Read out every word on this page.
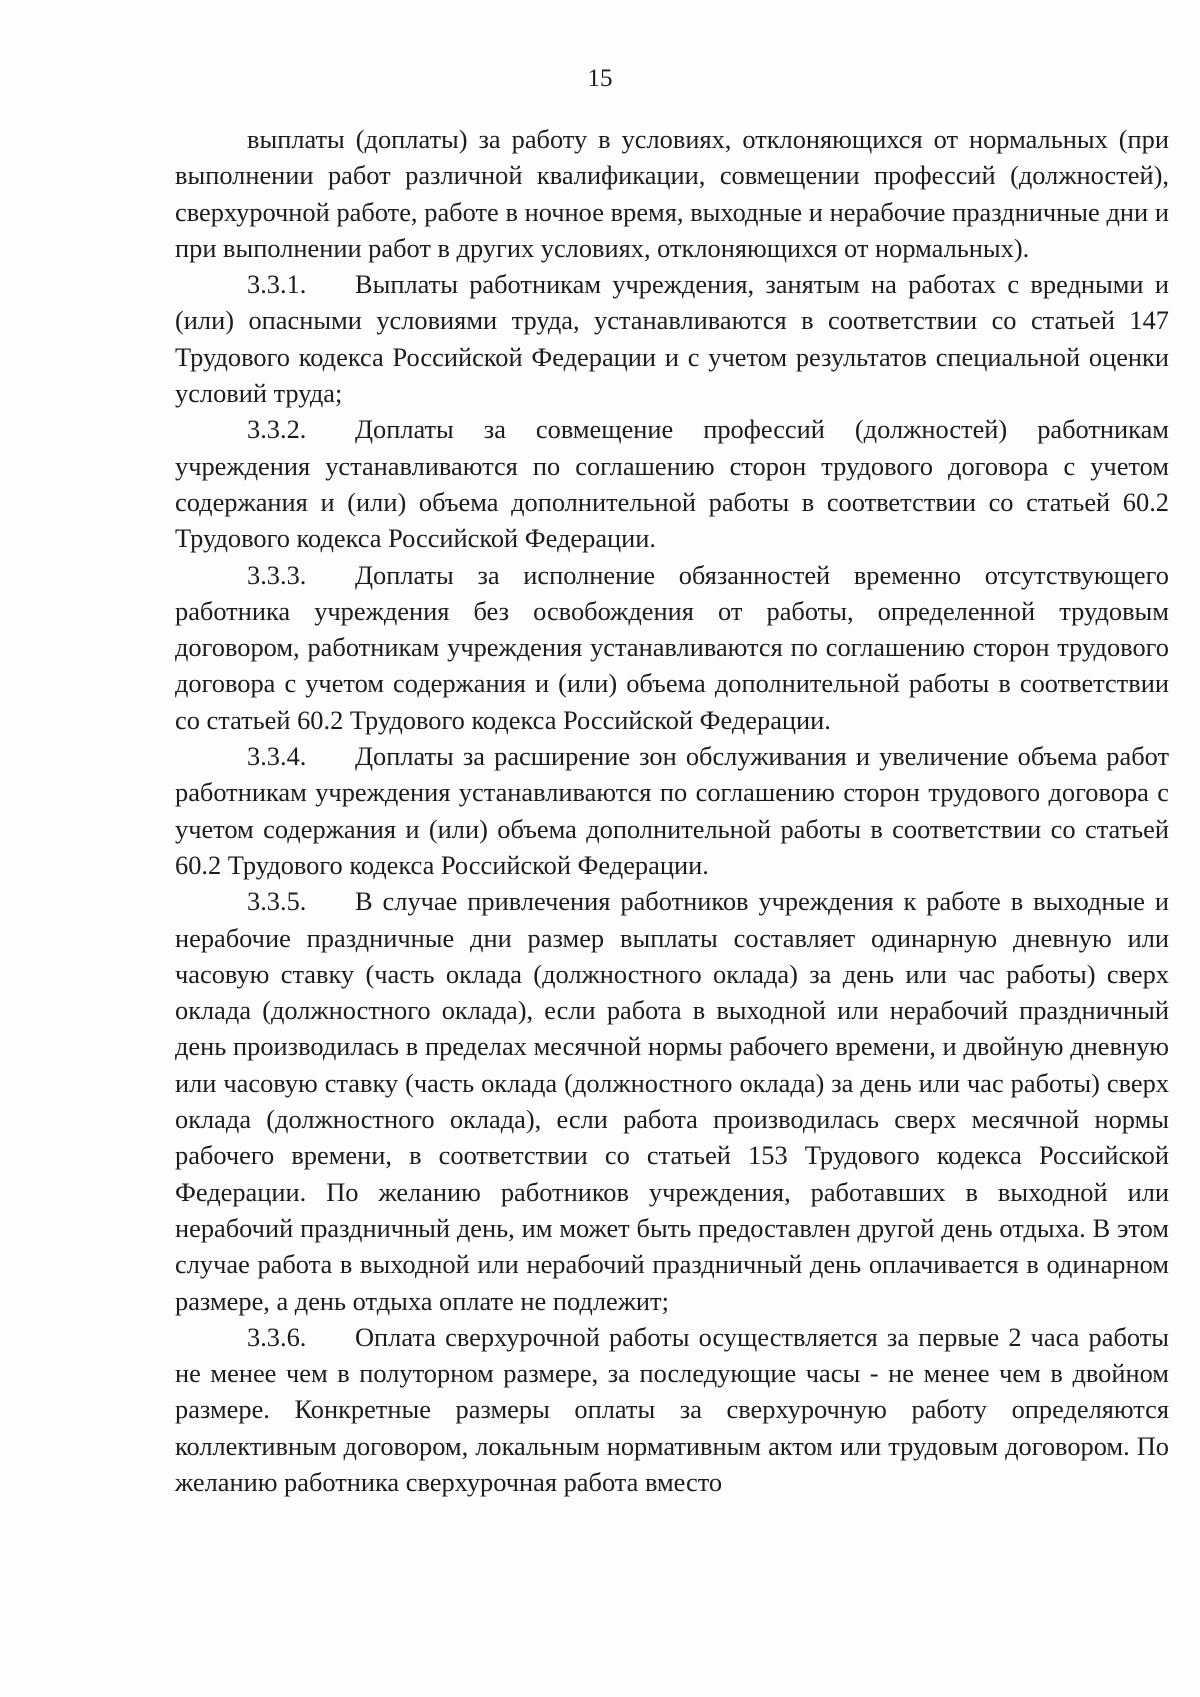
15

выплаты (доплаты) за работу в условиях, отклоняющихся от нормальных (при выполнении работ различной квалификации, совмещении профессий (должностей), сверхурочной работе, работе в ночное время, выходные и нерабочие праздничные дни и при выполнении работ в других условиях, отклоняющихся от нормальных).

3.3.1. Выплаты работникам учреждения, занятым на работах с вредными и (или) опасными условиями труда, устанавливаются в соответствии со статьей 147 Трудового кодекса Российской Федерации и с учетом результатов специальной оценки условий труда;

3.3.2. Доплаты за совмещение профессий (должностей) работникам учреждения устанавливаются по соглашению сторон трудового договора с учетом содержания и (или) объема дополнительной работы в соответствии со статьей 60.2 Трудового кодекса Российской Федерации.

3.3.3. Доплаты за исполнение обязанностей временно отсутствующего работника учреждения без освобождения от работы, определенной трудовым договором, работникам учреждения устанавливаются по соглашению сторон трудового договора с учетом содержания и (или) объема дополнительной работы в соответствии со статьей 60.2 Трудового кодекса Российской Федерации.

3.3.4. Доплаты за расширение зон обслуживания и увеличение объема работ работникам учреждения устанавливаются по соглашению сторон трудового договора с учетом содержания и (или) объема дополнительной работы в соответствии со статьей 60.2 Трудового кодекса Российской Федерации.

3.3.5. В случае привлечения работников учреждения к работе в выходные и нерабочие праздничные дни размер выплаты составляет одинарную дневную или часовую ставку (часть оклада (должностного оклада) за день или час работы) сверх оклада (должностного оклада), если работа в выходной или нерабочий праздничный день производилась в пределах месячной нормы рабочего времени, и двойную дневную или часовую ставку (часть оклада (должностного оклада) за день или час работы) сверх оклада (должностного оклада), если работа производилась сверх месячной нормы рабочего времени, в соответствии со статьей 153 Трудового кодекса Российской Федерации. По желанию работников учреждения, работавших в выходной или нерабочий праздничный день, им может быть предоставлен другой день отдыха. В этом случае работа в выходной или нерабочий праздничный день оплачивается в одинарном размере, а день отдыха оплате не подлежит;

3.3.6. Оплата сверхурочной работы осуществляется за первые 2 часа работы не менее чем в полуторном размере, за последующие часы - не менее чем в двойном размере. Конкретные размеры оплаты за сверхурочную работу определяются коллективным договором, локальным нормативным актом или трудовым договором. По желанию работника сверхурочная работа вместо
